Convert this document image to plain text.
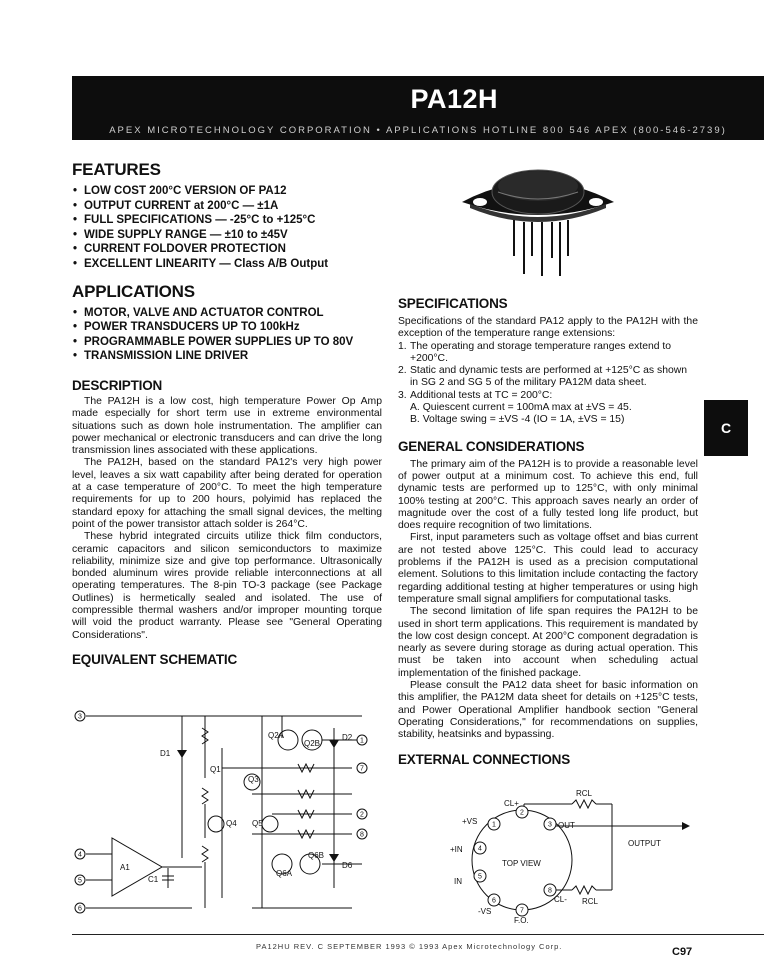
PA12H
APEX MICROTECHNOLOGY CORPORATION • APPLICATIONS HOTLINE 800 546 APEX (800-546-2739)
FEATURES
• LOW COST 200°C VERSION OF PA12
• OUTPUT CURRENT at 200°C — ±1A
• FULL SPECIFICATIONS — -25°C to +125°C
• WIDE SUPPLY RANGE — ±10 to ±45V
• CURRENT FOLDOVER PROTECTION
• EXCELLENT LINEARITY — Class A/B Output
APPLICATIONS
• MOTOR, VALVE AND ACTUATOR CONTROL
• POWER TRANSDUCERS UP TO 100kHz
• PROGRAMMABLE POWER SUPPLIES UP TO 80V
• TRANSMISSION LINE DRIVER
DESCRIPTION

The PA12H is a low cost, high temperature Power Op Amp made especially for short term use in extreme environmental situations such as down hole instrumentation. The amplifier can power mechanical or electronic transducers and can drive the long transmission lines associated with these applications.

The PA12H, based on the standard PA12's very high power level, leaves a six watt capability after being derated for operation at a case temperature of 200°C. To meet the high temperature requirements for up to 200 hours, polyimid has replaced the standard epoxy for attaching the small signal devices, the melting point of the power transistor attach solder is 264°C.

These hybrid integrated circuits utilize thick film conductors, ceramic capacitors and silicon semiconductors to maximize reliability, minimize size and give top performance. Ultrasonically bonded aluminum wires provide reliable interconnections at all operating temperatures. The 8-pin TO-3 package (see Package Outlines) is hermetically sealed and isolated. The use of compressible thermal washers and/or improper mounting torque will void the product warranty. Please see "General Operating Considerations".

EQUIVALENT SCHEMATIC
3
4
5
6
1
7
2
8
D1
Q1
Q2A
Q2B
D2
Q3
Q4 Q5
A1
C1
Q6A
Q6B
D6
SPECIFICATIONS

Specifications of the standard PA12 apply to the PA12H with the exception of the temperature range extensions:

1. The operating and storage temperature ranges extend to +200°C.
2. Static and dynamic tests are performed at +125°C as shown in SG 2 and SG 5 of the military PA12M data sheet.
3. Additional tests at TC = 200°C:
A. Quiescent current = 100mA max at ±VS = 45.
B. Voltage swing = ±VS -4 (IO = 1A, ±VS = 15)
GENERAL CONSIDERATIONS

The primary aim of the PA12H is to provide a reasonable level of power output at a minimum cost. To achieve this end, full dynamic tests are performed up to 125°C, with only minimal 100% testing at 200°C. This approach saves nearly an order of magnitude over the cost of a fully tested long life product, but does require recognition of two limitations.

First, input parameters such as voltage offset and bias current are not tested above 125°C. This could lead to accuracy problems if the PA12H is used as a precision computational element. Solutions to this limitation include contacting the factory regarding additional testing at higher temperatures or using high temperature small signal amplifiers for computational tasks.

The second limitation of life span requires the PA12H to be used in short term applications. This requirement is mandated by the low cost design concept. At 200°C component degradation is nearly as severe during storage as during actual operation. This must be taken into account when scheduling actual implementation of the finished package.

Please consult the PA12 data sheet for basic information on this amplifier, the PA12M data sheet for details on +125°C tests, and Power Operational Amplifier handbook section "General Operating Considerations," for recommendations on supplies, stability, heatsinks and bypassing.

EXTERNAL CONNECTIONS
1
2
3
4
5
6
7
8
RCL
CL+
+VS	OUT
OUTPUT
+IN
TOP VIEW
IN
RCL
CL-
-VS
F.O.
C
PA12HU REV. C SEPTEMBER 1993 © 1993 Apex Microtechnology Corp.	C97
